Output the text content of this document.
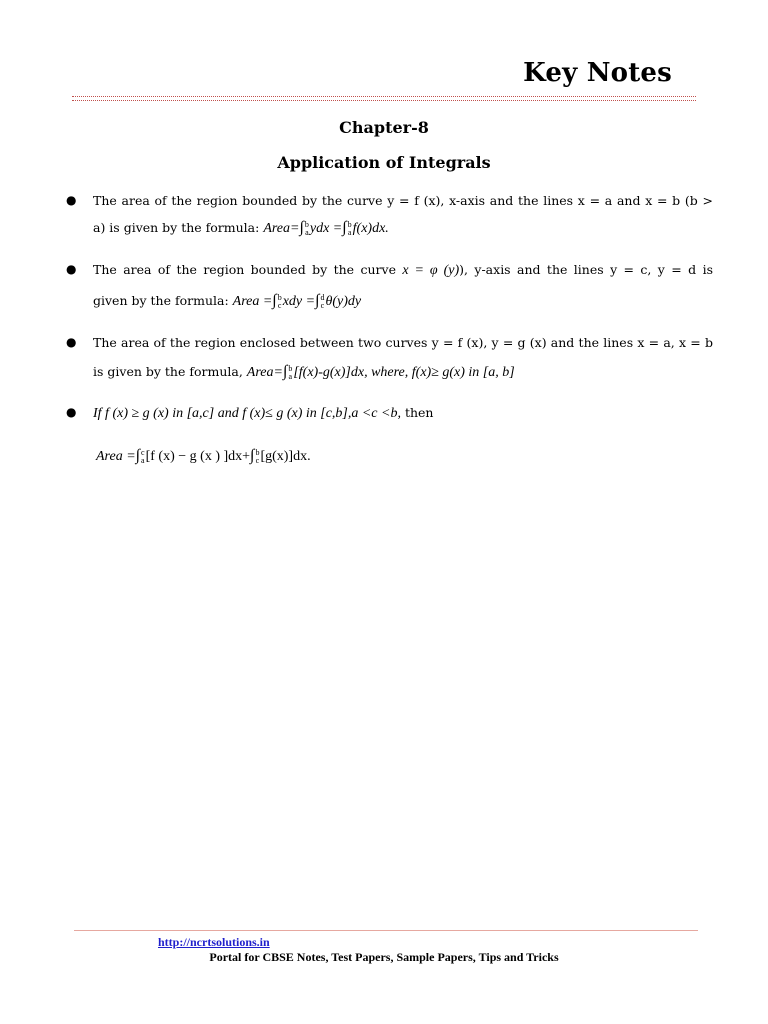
Key Notes
Chapter-8
Application of Integrals
● The area of the region bounded by the curve y = f (x), x-axis and the lines x = a and x = b (b >
a) is given by the formula: Area=∫ b
a ydx =∫ b
a f(x)dx.
● The area of the region bounded by the curve x = φ (y)), y-axis and the lines y = c, y = d is
given by the formula: Area =∫ b
c xdy =∫ d
c θ(y)dy
● The area of the region enclosed between two curves y = f (x), y = g (x) and the lines x = a, x = b
is given by the formula, Area=∫ b
a [f(x)-g(x)]dx, where, f(x)≥ g(x) in [a, b]
● If f (x) ≥ g (x) in [a,c] and f (x)≤ g (x) in [c,b],a <c <b, then
Area =∫ c
a [f (x) − g (x ) ]dx+∫ b
c [g(x)]dx.
http://ncrtsolutions.in
Portal for CBSE Notes, Test Papers, Sample Papers, Tips and Tricks
